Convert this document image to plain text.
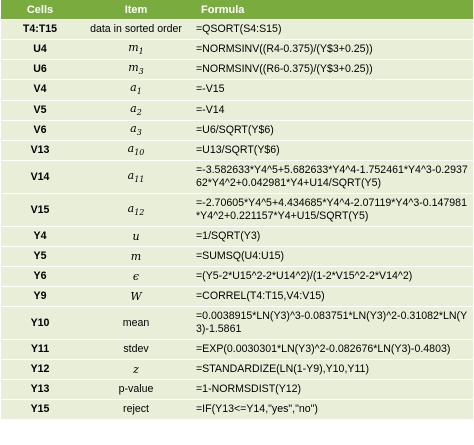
Cells	Item	Formula
T4:T15	data in sorted order	=QSORT(S4:S15)
U4	$m_1$	=NORMSINV((R4-0.375)/(Y$3+0.25))
U6	$m_3$	=NORMSINV((R6-0.375)/(Y$3+0.25))
V4	$a_1$	=-V15
V5	$a_2$	=-V14
V6	$a_3$	=U6/SQRT(Y$6)
V13	$a_{10}$	=U13/SQRT(Y$6)
V14	$a_{11}$	=-3.582633*Y4^5+5.682633*Y4^4-1.752461*Y4^3-0.293762*Y4^2+0.042981*Y4+U14/SQRT(Y5)
V15	$a_{12}$	=-2.70605*Y4^5+4.434685*Y4^4-2.07119*Y4^3-0.147981*Y4^2+0.221157*Y4+U15/SQRT(Y5)
Y4	u	=1/SQRT(Y3)
Y5	m	=SUMSQ(U4:U15)
Y6	ϵ	=(Y5-2*U15^2-2*U14^2)/(1-2*V15^2-2*V14^2)
Y9	W	=CORREL(T4:T15,V4:V15)
Y10	mean	=0.0038915*LN(Y3)^3-0.083751*LN(Y3)^2-0.31082*LN(Y3)-1.5861
Y11	stdev	=EXP(0.0030301*LN(Y3)^2-0.082676*LN(Y3)-0.4803)
Y12	z	=STANDARDIZE(LN(1-Y9),Y10,Y11)
Y13	p-value	=1-NORMSDIST(Y12)
Y15	reject	=IF(Y13<=Y14,"yes","no")
